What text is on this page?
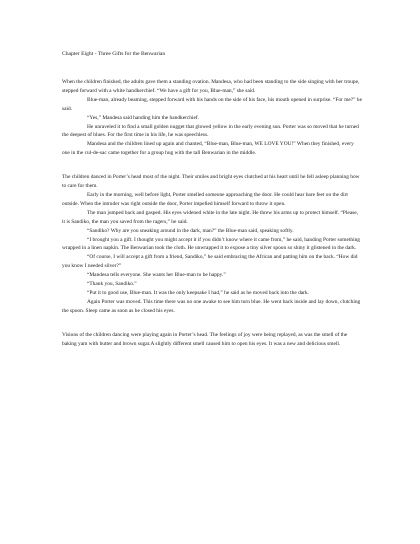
Chapter Eight - Three Gifts for the Benwarian

When the children finished, the adults gave them a standing ovation. Mandesa, who had been standing to the side singing with her troupe, stepped forward with a white handkerchief. “We have a gift for you, Blue-man,” she said.

Blue-man, already beaming, stepped forward with his hands on the side of his face, his mouth opened in surprise. “For me?” he said.

“Yes,” Mandesa said handing him the handkerchief.

He unraveled it to find a small golden nugget that glowed yellow in the early evening sun. Porter was so moved that he turned the deepest of blues. For the first time in his life, he was speechless.

Mandesa and the children lined up again and chanted, “Blue-man, Blue-man, WE LOVE YOU!” When they finished, every one in the cul-de-sac came together for a group hug with the tall Benwarian in the middle.

The children danced in Porter’s head most of the night. Their smiles and bright eyes clutched at his heart until he fell asleep planning how to care for them.

Early in the morning, well before light, Porter smelled someone approaching the door. He could hear bare feet on the dirt outside. When the intruder was right outside the door, Porter impelled himself forward to throw it open.

The man jumped back and gasped. His eyes widened white in the late night. He threw his arms up to protect himself. “Please, it is Sandiko, the man you saved from the ragers,” he said.

“Sandiko? Why are you sneaking around in the dark, man?” the Blue-man said, speaking softly.

“I brought you a gift. I thought you might accept it if you didn’t know where it came from,” he said, handing Porter something wrapped in a linen napkin. The Benwarian took the cloth. He unwrapped it to expose a tiny silver spoon so shiny it glistened in the dark.

“Of course, I will accept a gift from a friend, Sandiko,” he said embracing the African and patting him on the back. “How did you know I needed silver?”

“Mandesa tells everyone. She wants her Blue-man to be happy.”

“Thank you, Sandiko.”

“Put it to good use, Blue-man. It was the only keepsake I had,” he said as he moved back into the dark.

Again Porter was moved. This time there was no one awake to see him turn blue. He went back inside and lay down, clutching the spoon. Sleep came as soon as he closed his eyes.

Visions of the children dancing were playing again in Porter’s head. The feelings of joy were being replayed, as was the smell of the baking yam with butter and brown sugar.A slightly different smell caused him to open his eyes. It was a new and delicious smell.
